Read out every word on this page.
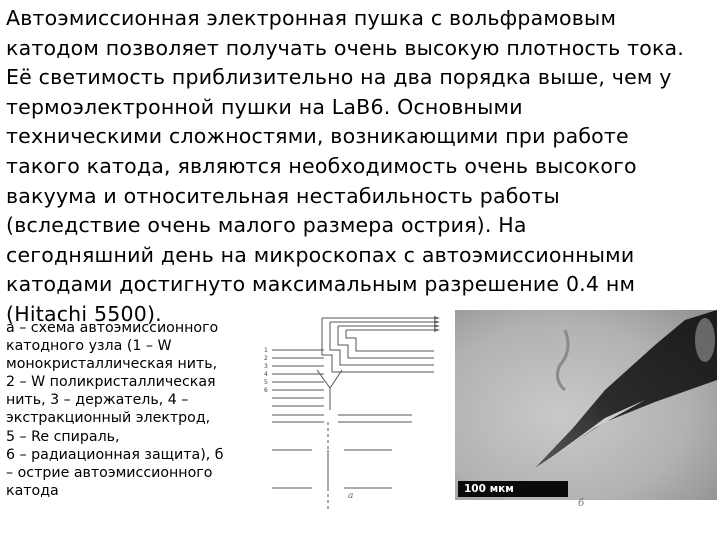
Автоэмиссионная электронная пушка с вольфрамовым
катодом позволяет получать очень высокую плотность тока.
Её светимость приблизительно на два порядка выше, чем у
термоэлектронной пушки на LaB6. Основными
техническими сложностями, возникающими при работе
такого катода, являются необходимость очень высокого
вакуума и относительная нестабильность работы
(вследствие очень малого размера острия). На
сегодняшний день на микроскопах с автоэмиссионными
катодами достигнуто максимальным разрешение 0.4 нм
(Hitachi 5500).
а – схема автоэмиссионного
катодного узла (1 – W
монокристаллическая нить,
2 – W поликристаллическая
нить, 3 – держатель, 4 –
экстракционный электрод,
5 – Re спираль,
6 – радиационная защита), б
– острие автоэмиссионного
катода
1
2
3
4
5
6
а
100 мкм
б
